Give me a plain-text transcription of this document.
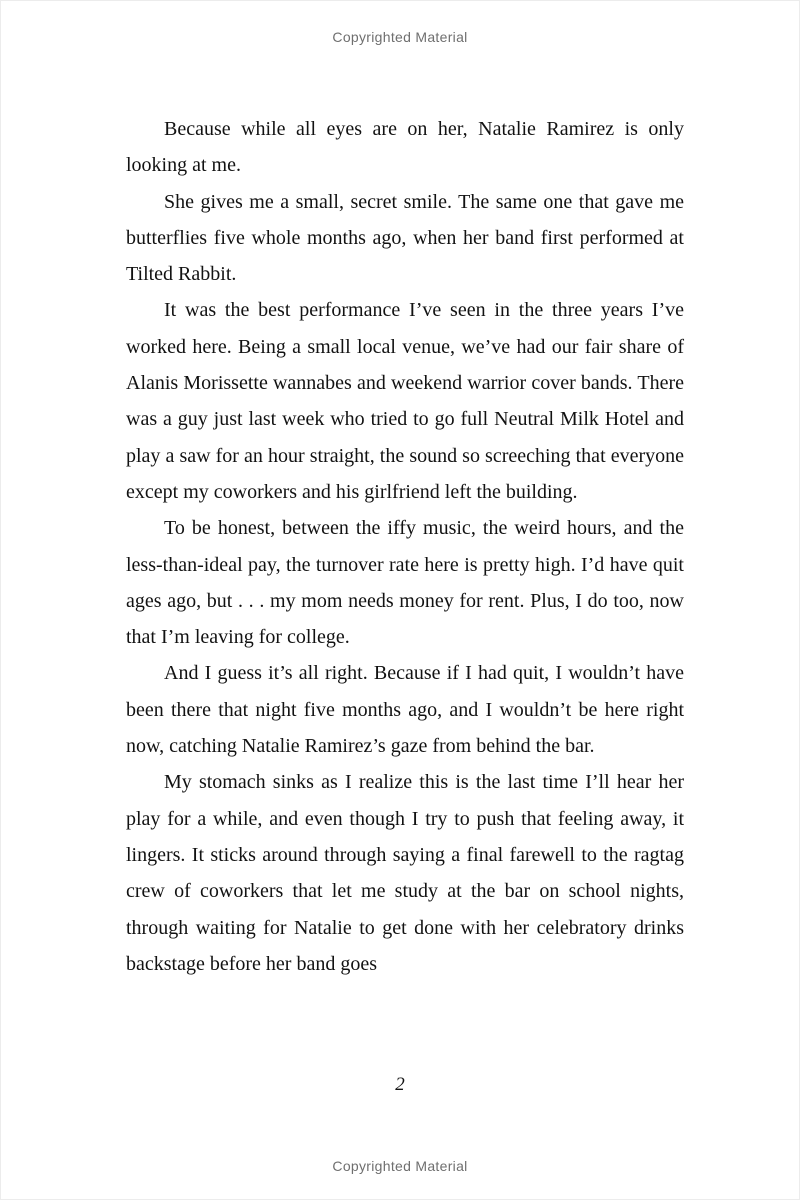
Copyrighted Material

Because while all eyes are on her, Natalie Ramirez is only looking at me.

She gives me a small, secret smile. The same one that gave me butterflies five whole months ago, when her band first performed at Tilted Rabbit.

It was the best performance I’ve seen in the three years I’ve worked here. Being a small local venue, we’ve had our fair share of Alanis Morissette wannabes and weekend warrior cover bands. There was a guy just last week who tried to go full Neutral Milk Hotel and play a saw for an hour straight, the sound so screeching that everyone except my coworkers and his girlfriend left the building.

To be honest, between the iffy music, the weird hours, and the less-than-ideal pay, the turnover rate here is pretty high. I’d have quit ages ago, but . . . my mom needs money for rent. Plus, I do too, now that I’m leaving for college.

And I guess it’s all right. Because if I had quit, I wouldn’t have been there that night five months ago, and I wouldn’t be here right now, catching Natalie Ramirez’s gaze from behind the bar.

My stomach sinks as I realize this is the last time I’ll hear her play for a while, and even though I try to push that feeling away, it lingers. It sticks around through saying a final farewell to the ragtag crew of coworkers that let me study at the bar on school nights, through waiting for Natalie to get done with her celebratory drinks backstage before her band goes

2
Copyrighted Material
